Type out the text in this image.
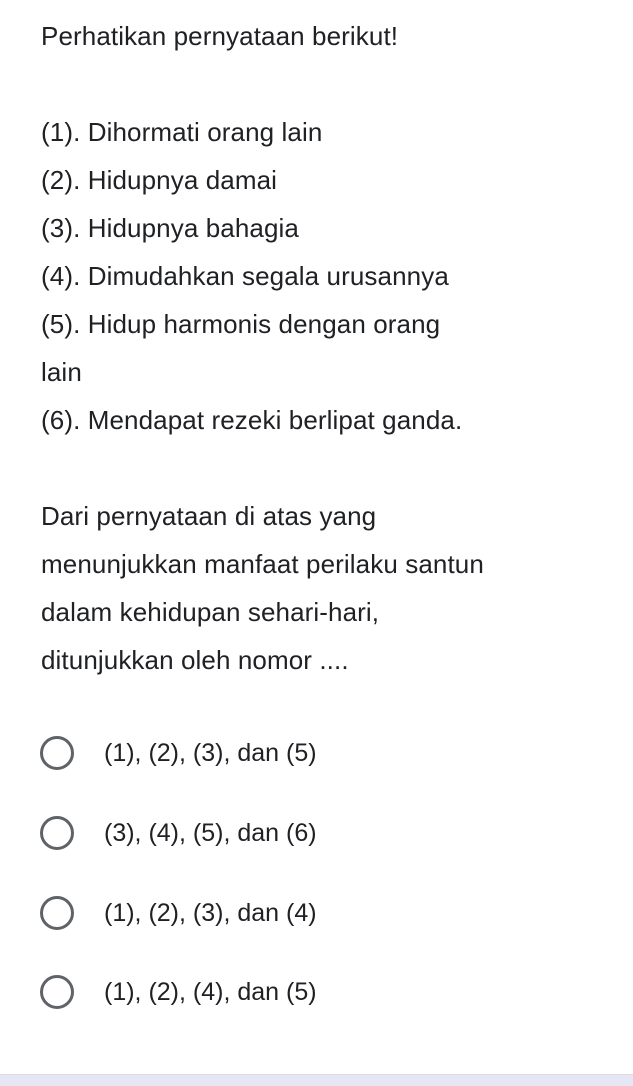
Perhatikan pernyataan berikut!
(1). Dihormati orang lain
(2). Hidupnya damai
(3). Hidupnya bahagia
(4). Dimudahkan segala urusannya
(5). Hidup harmonis dengan orang
lain
(6). Mendapat rezeki berlipat ganda.
Dari pernyataan di atas yang
menunjukkan manfaat perilaku santun
dalam kehidupan sehari-hari,
ditunjukkan oleh nomor ....
(1), (2), (3), dan (5)
(3), (4), (5), dan (6)
(1), (2), (3), dan (4)
(1), (2), (4), dan (5)
